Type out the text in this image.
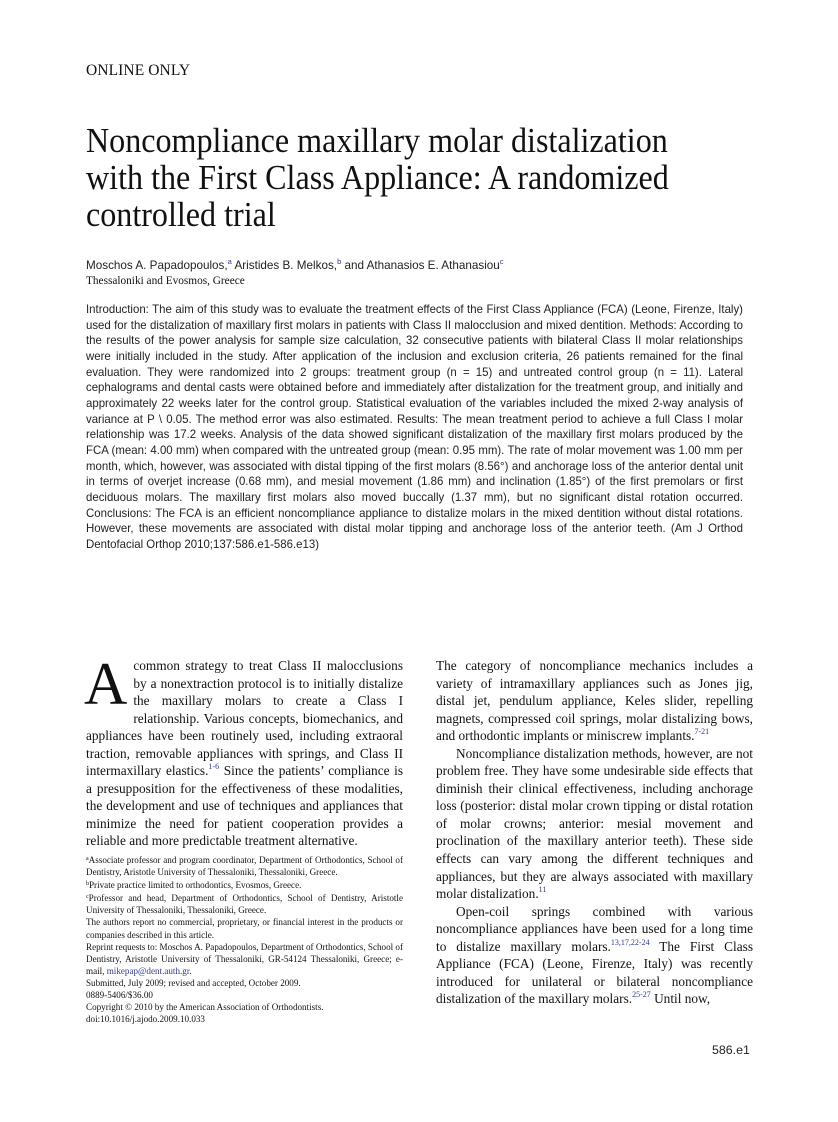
ONLINE ONLY
Noncompliance maxillary molar distalization
with the First Class Appliance: A randomized
controlled trial
Moschos A. Papadopoulos,$^a$ Aristides B. Melkos,$^b$ and Athanasios E. Athanasiou$^c$
Thessaloniki and Evosmos, Greece
Introduction: The aim of this study was to evaluate the treatment effects of the First Class Appliance (FCA) (Leone, Firenze, Italy) used for the distalization of maxillary first molars in patients with Class II malocclusion and mixed dentition. Methods: According to the results of the power analysis for sample size calculation, 32 consecutive patients with bilateral Class II molar relationships were initially included in the study. After application of the inclusion and exclusion criteria, 26 patients remained for the final evaluation. They were randomized into 2 groups: treatment group (n = 15) and untreated control group (n = 11). Lateral cephalograms and dental casts were obtained before and immediately after distalization for the treatment group, and initially and approximately 22 weeks later for the control group. Statistical evaluation of the variables included the mixed 2-way analysis of variance at P \ 0.05. The method error was also estimated. Results: The mean treatment period to achieve a full Class I molar relationship was 17.2 weeks. Analysis of the data showed significant distalization of the maxillary first molars produced by the FCA (mean: 4.00 mm) when compared with the untreated group (mean: 0.95 mm). The rate of molar movement was 1.00 mm per month, which, however, was associated with distal tipping of the first molars (8.56°) and anchorage loss of the anterior dental unit in terms of overjet increase (0.68 mm), and mesial movement (1.86 mm) and inclination (1.85°) of the first premolars or first deciduous molars. The maxillary first molars also moved buccally (1.37 mm), but no significant distal rotation occurred. Conclusions: The FCA is an efficient noncompliance appliance to distalize molars in the mixed dentition without distal rotations. However, these movements are associated with distal molar tipping and anchorage loss of the anterior teeth. (Am J Orthod Dentofacial Orthop 2010;137:586.e1-586.e13)

Acommon strategy to treat Class II malocclusions by a nonextraction protocol is to initially distalize the maxillary molars to create a Class I relationship. Various concepts, biomechanics, and appliances have been routinely used, including extraoral traction, removable appliances with springs, and Class II intermaxillary elastics.$^{1-6}$ Since the patients’ compliance is a presupposition for the effectiveness of these modalities, the development and use of techniques and appliances that minimize the need for patient cooperation provides a reliable and more predictable treatment alternative.

$^a$Associate professor and program coordinator, Department of Orthodontics, School of Dentistry, Aristotle University of Thessaloniki, Thessaloniki, Greece.

$^b$Private practice limited to orthodontics, Evosmos, Greece.

$^c$Professor and head, Department of Orthodontics, School of Dentistry, Aristotle University of Thessaloniki, Thessaloniki, Greece.

The authors report no commercial, proprietary, or financial interest in the products or companies described in this article.

Reprint requests to: Moschos A. Papadopoulos, Department of Orthodontics, School of Dentistry, Aristotle University of Thessaloniki, GR-54124 Thessaloniki, Greece; e-mail, mikepap@dent.auth.gr.

Submitted, July 2009; revised and accepted, October 2009.

0889-5406/$36.00

Copyright © 2010 by the American Association of Orthodontists.

doi:10.1016/j.ajodo.2009.10.033

The category of noncompliance mechanics includes a variety of intramaxillary appliances such as Jones jig, distal jet, pendulum appliance, Keles slider, repelling magnets, compressed coil springs, molar distalizing bows, and orthodontic implants or miniscrew implants.$^{7-21}$

Noncompliance distalization methods, however, are not problem free. They have some undesirable side effects that diminish their clinical effectiveness, including anchorage loss (posterior: distal molar crown tipping or distal rotation of molar crowns; anterior: mesial movement and proclination of the maxillary anterior teeth). These side effects can vary among the different techniques and appliances, but they are always associated with maxillary molar distalization.$^{11}$

Open-coil springs combined with various noncompliance appliances have been used for a long time to distalize maxillary molars.$^{13,17,22-24}$ The First Class Appliance (FCA) (Leone, Firenze, Italy) was recently introduced for unilateral or bilateral noncompliance distalization of the maxillary molars.$^{25-27}$ Until now,

586.e1
